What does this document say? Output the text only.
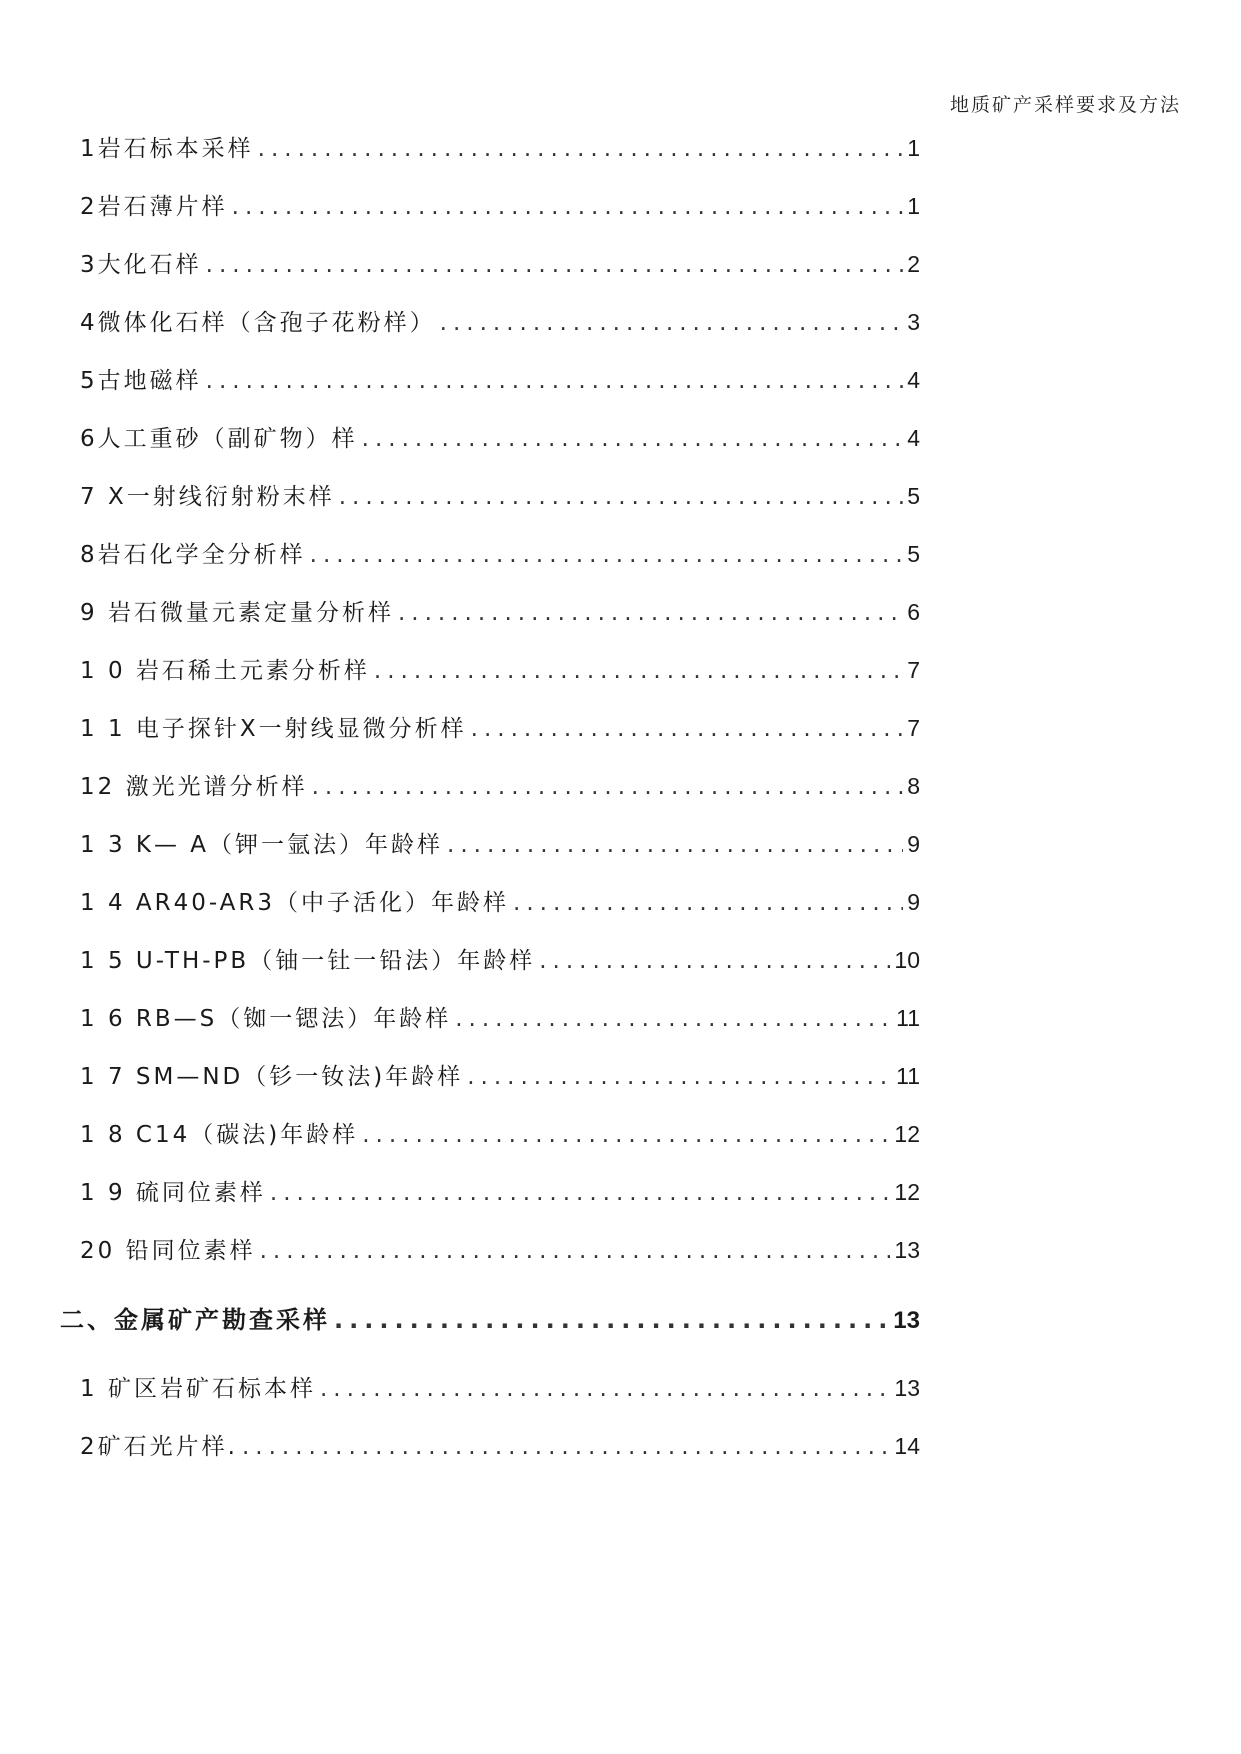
地质矿产采样要求及方法
1岩石标本采样 .....	1
2岩石薄片样 .....	1
3大化石样 .....	2
4微体化石样（含孢子花粉样） .....	3
5古地磁样 .....	4
6人工重砂（副矿物）样 .....	4
7 X一射线衍射粉末样 .....	5
8岩石化学全分析样 .....	5
9 岩石微量元素定量分析样 .....	6
1 0 岩石稀土元素分析样 .....	7
1 1 电子探针X一射线显微分析样 .....	7
12 激光光谱分析样 .....	8
1 3 K— A（钾一氩法）年龄样 .....	9
1 4 AR40-AR3（中子活化）年龄样 .....	9
1 5 U-TH-PB（铀一钍一铅法）年龄样 .....	10
1 6 RB—S（铷一锶法）年龄样 .....	11
1 7 SM—ND（钐一钕法)年龄样 .....	11
1 8 C14（碳法)年龄样 .....	12
1 9 硫同位素样 .....	12
20 铅同位素样 .....	13
二、金属矿产勘查采样 .....	13
1 矿区岩矿石标本样 .....	13
2矿石光片样. .....	14
